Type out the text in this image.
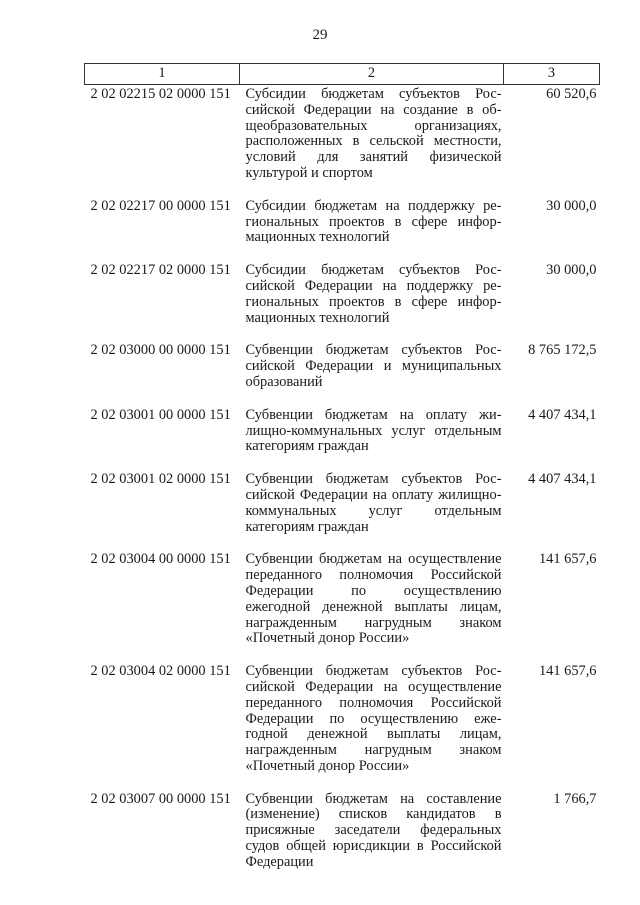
29
1	2	3

2 02 02215 02 0000 151	Субсидии бюджетам субъектов Российской Федерации на создание в общеобразовательных организациях, расположенных в сельской местности, условий для занятий физической культурой и спортом	60 520,6

2 02 02217 00 0000 151	Субсидии бюджетам на поддержку региональных проектов в сфере информационных технологий	30 000,0

2 02 02217 02 0000 151	Субсидии бюджетам субъектов Российской Федерации на поддержку региональных проектов в сфере информационных технологий	30 000,0

2 02 03000 00 0000 151	Субвенции бюджетам субъектов Российской Федерации и муниципальных образований	8 765 172,5

2 02 03001 00 0000 151	Субвенции бюджетам на оплату жилищно-коммунальных услуг отдельным категориям граждан	4 407 434,1

2 02 03001 02 0000 151	Субвенции бюджетам субъектов Российской Федерации на оплату жилищно-коммунальных услуг отдельным категориям граждан	4 407 434,1

2 02 03004 00 0000 151	Субвенции бюджетам на осуществление переданного полномочия Российской Федерации по осуществлению ежегодной денежной выплаты лицам, награжденным нагрудным знаком «Почетный донор России»	141 657,6

2 02 03004 02 0000 151	Субвенции бюджетам субъектов Российской Федерации на осуществление переданного полномочия Российской Федерации по осуществлению ежегодной денежной выплаты лицам, награжденным нагрудным знаком «Почетный донор России»	141 657,6

2 02 03007 00 0000 151	Субвенции бюджетам на составление (изменение) списков кандидатов в присяжные заседатели федеральных судов общей юрисдикции в Российской Федерации	1 766,7
